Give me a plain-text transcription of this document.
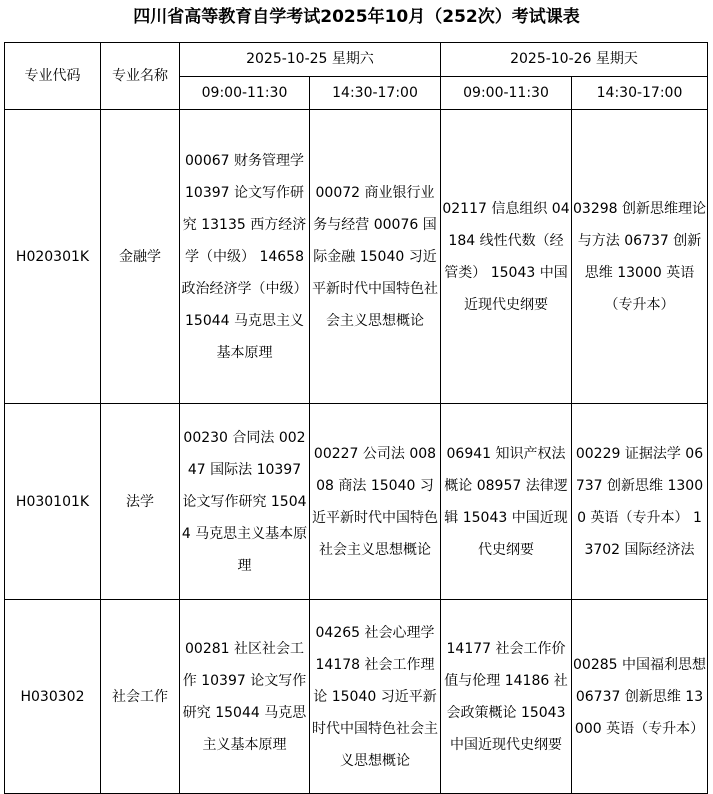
四川省高等教育自学考试2025年10月（252次）考试课表
专业代码	专业名称	2025-10-25 星期六		2025-10-26 星期天	
		09:00-11:30	14:30-17:00	09:00-11:30	14:30-17:00
H020301K	金融学	00067 财务管理学 10397 论文写作研究 13135 西方经济学（中级） 14658 政治经济学（中级） 15044 马克思主义基本原理	00072 商业银行业务与经营 00076 国际金融 15040 习近平新时代中国特色社会主义思想概论	02117 信息组织 04184 线性代数（经管类） 15043 中国近现代史纲要	03298 创新思维理论与方法 06737 创新思维 13000 英语（专升本）
H030101K	法学	00230 合同法 00247 国际法 10397 论文写作研究 15044 马克思主义基本原理	00227 公司法 00808 商法 15040 习近平新时代中国特色社会主义思想概论	06941 知识产权法概论 08957 法律逻辑 15043 中国近现代史纲要	00229 证据法学 06737 创新思维 13000 英语（专升本） 13702 国际经济法
H030302	社会工作	00281 社区社会工作 10397 论文写作研究 15044 马克思主义基本原理	04265 社会心理学 14178 社会工作理论 15040 习近平新时代中国特色社会主义思想概论	14177 社会工作价值与伦理 14186 社会政策概论 15043 中国近现代史纲要	00285 中国福利思想 06737 创新思维 13000 英语（专升本）
